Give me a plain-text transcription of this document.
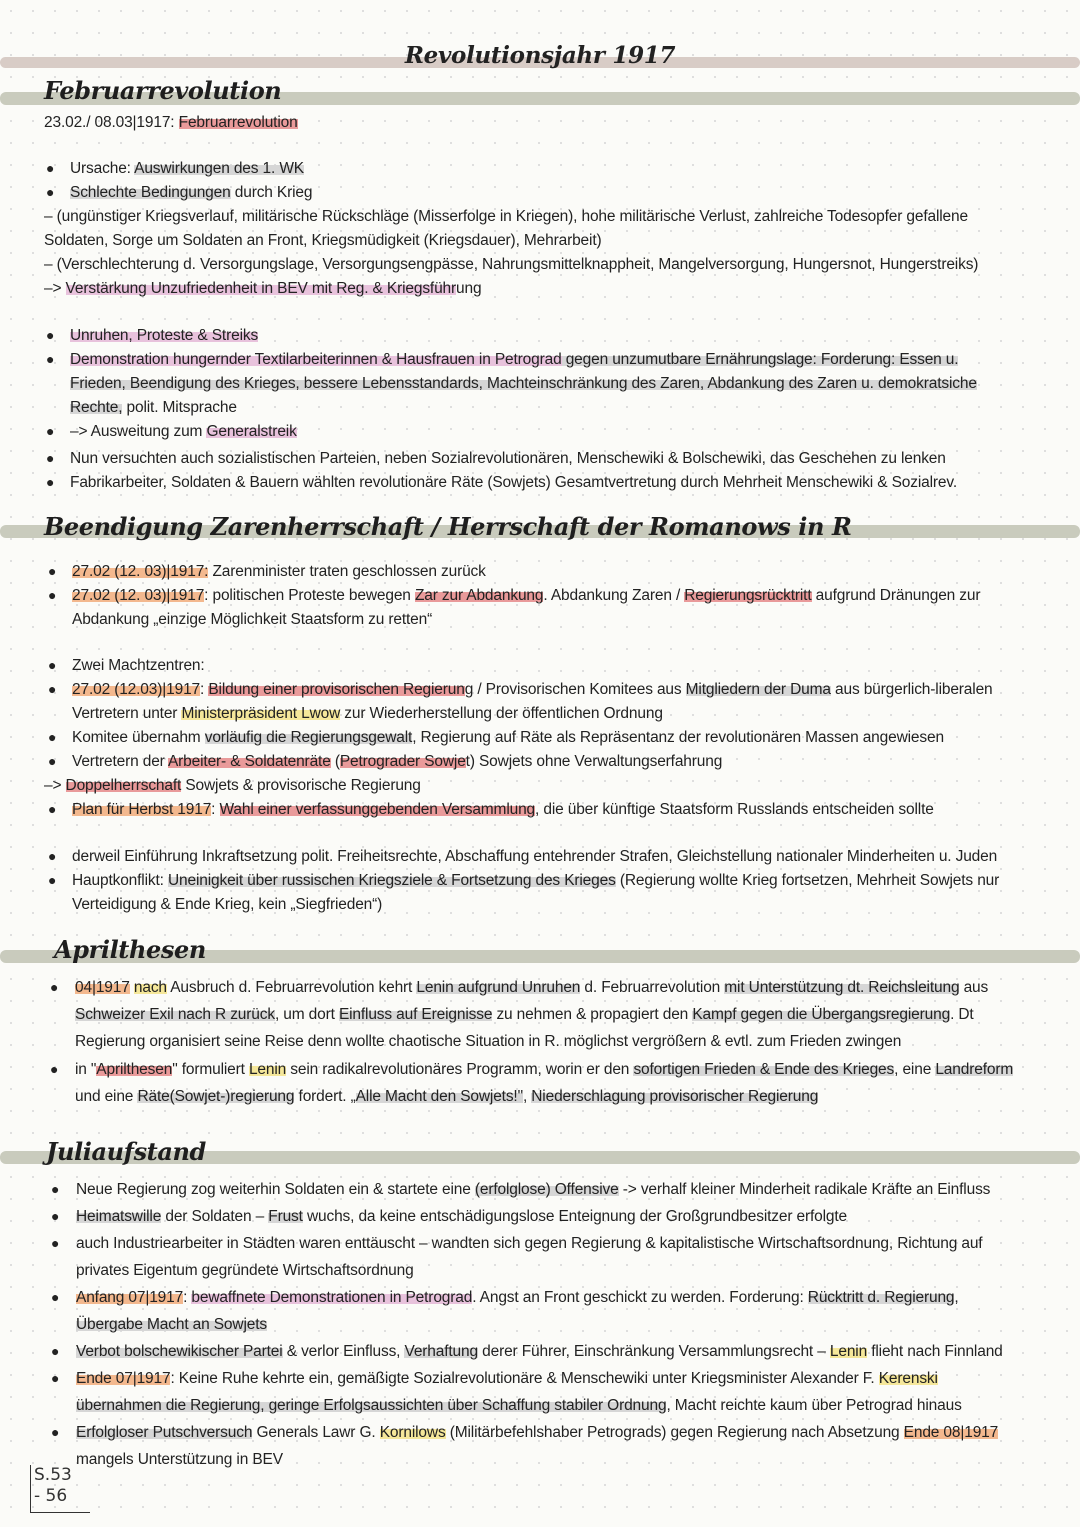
Revolutionsjahr 1917
Februarrevolution
23.02./ 08.03|1917: Februarrevolution
● Ursache: Auswirkungen des 1. WK
● Schlechte Bedingungen durch Krieg
– (ungünstiger Kriegsverlauf, militärische Rückschläge (Misserfolge in Kriegen), hohe militärische Verlust, zahlreiche Todesopfer gefallene
Soldaten, Sorge um Soldaten an Front, Kriegsmüdigkeit (Kriegsdauer), Mehrarbeit)
– (Verschlechterung d. Versorgungslage, Versorgungsengpässe, Nahrungsmittelknappheit, Mangelversorgung, Hungersnot, Hungerstreiks)
–> Verstärkung Unzufriedenheit in BEV mit Reg. & Kriegsführung
● Unruhen, Proteste & Streiks
● Demonstration hungernder Textilarbeiterinnen & Hausfrauen in Petrograd gegen unzumutbare Ernährungslage: Forderung: Essen u.
Frieden, Beendigung des Krieges, bessere Lebensstandards, Machteinschränkung des Zaren, Abdankung des Zaren u. demokratsiche
Rechte, polit. Mitsprache
● –> Ausweitung zum Generalstreik
● Nun versuchten auch sozialistischen Parteien, neben Sozialrevolutionären, Menschewiki & Bolschewiki, das Geschehen zu lenken
● Fabrikarbeiter, Soldaten & Bauern wählten revolutionäre Räte (Sowjets) Gesamtvertretung durch Mehrheit Menschewiki & Sozialrev.
Beendigung Zarenherrschaft / Herrschaft der Romanows in R
● 27.02 (12. 03)|1917: Zarenminister traten geschlossen zurück
● 27.02 (12. 03)|1917: politischen Proteste bewegen Zar zur Abdankung. Abdankung Zaren / Regierungsrücktritt aufgrund Dränungen zur
Abdankung „einzige Möglichkeit Staatsform zu retten“
● Zwei Machtzentren:
● 27.02 (12.03)|1917: Bildung einer provisorischen Regierung / Provisorischen Komitees aus Mitgliedern der Duma aus bürgerlich-liberalen
Vertretern unter Ministerpräsident Lwow zur Wiederherstellung der öffentlichen Ordnung
● Komitee übernahm vorläufig die Regierungsgewalt, Regierung auf Räte als Repräsentanz der revolutionären Massen angewiesen
● Vertretern der Arbeiter- & Soldatenräte (Petrograder Sowjet) Sowjets ohne Verwaltungserfahrung
–> Doppelherrschaft Sowjets & provisorische Regierung
● Plan für Herbst 1917: Wahl einer verfassunggebenden Versammlung, die über künftige Staatsform Russlands entscheiden sollte
● derweil Einführung Inkraftsetzung polit. Freiheitsrechte, Abschaffung entehrender Strafen, Gleichstellung nationaler Minderheiten u. Juden
● Hauptkonflikt: Uneinigkeit über russischen Kriegsziele & Fortsetzung des Krieges (Regierung wollte Krieg fortsetzen, Mehrheit Sowjets nur
Verteidigung & Ende Krieg, kein „Siegfrieden“)
Aprilthesen
● 04|1917 nach Ausbruch d. Februarrevolution kehrt Lenin aufgrund Unruhen d. Februarrevolution mit Unterstützung dt. Reichsleitung aus
Schweizer Exil nach R zurück, um dort Einfluss auf Ereignisse zu nehmen & propagiert den Kampf gegen die Übergangsregierung. Dt
Regierung organisiert seine Reise denn wollte chaotische Situation in R. möglichst vergrößern & evtl. zum Frieden zwingen
● in "Aprilthesen" formuliert Lenin sein radikalrevolutionäres Programm, worin er den sofortigen Frieden & Ende des Krieges, eine Landreform
und eine Räte(Sowjet-)regierung fordert. „Alle Macht den Sowjets!", Niederschlagung provisorischer Regierung
Juliaufstand
● Neue Regierung zog weiterhin Soldaten ein & startete eine (erfolglose) Offensive -> verhalf kleiner Minderheit radikale Kräfte an Einfluss
● Heimatswille der Soldaten – Frust wuchs, da keine entschädigungslose Enteignung der Großgrundbesitzer erfolgte
● auch Industriearbeiter in Städten waren enttäuscht – wandten sich gegen Regierung & kapitalistische Wirtschaftsordnung, Richtung auf
privates Eigentum gegründete Wirtschaftsordnung
● Anfang 07|1917: bewaffnete Demonstrationen in Petrograd. Angst an Front geschickt zu werden. Forderung: Rücktritt d. Regierung,
Übergabe Macht an Sowjets
● Verbot bolschewikischer Partei & verlor Einfluss, Verhaftung derer Führer, Einschränkung Versammlungsrecht – Lenin flieht nach Finnland
● Ende 07|1917: Keine Ruhe kehrte ein, gemäßigte Sozialrevolutionäre & Menschewiki unter Kriegsminister Alexander F. Kerenski
übernahmen die Regierung, geringe Erfolgsaussichten über Schaffung stabiler Ordnung, Macht reichte kaum über Petrograd hinaus
● Erfolgloser Putschversuch Generals Lawr G. Kornilows (Militärbefehlshaber Petrograds) gegen Regierung nach Absetzung Ende 08|1917
mangels Unterstützung in BEV
S.53
- 56
